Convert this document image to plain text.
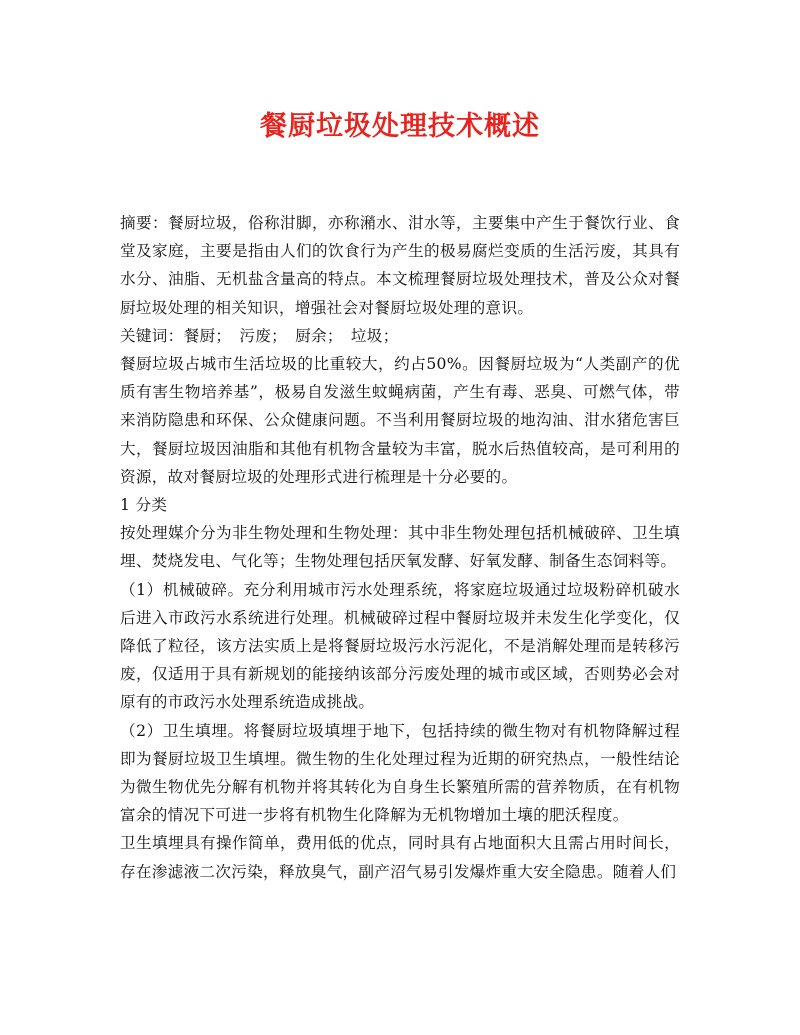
餐厨垃圾处理技术概述

摘要：餐厨垃圾，俗称泔脚，亦称潲水、泔水等，主要集中产生于餐饮行业、食堂及家庭，主要是指由人们的饮食行为产生的极易腐烂变质的生活污废，其具有水分、油脂、无机盐含量高的特点。本文梳理餐厨垃圾处理技术，普及公众对餐厨垃圾处理的相关知识，增强社会对餐厨垃圾处理的意识。

关键词：餐厨；　污废；　厨余；　垃圾；

餐厨垃圾占城市生活垃圾的比重较大，约占50%。因餐厨垃圾为“人类副产的优质有害生物培养基”，极易自发滋生蚊蝇病菌，产生有毒、恶臭、可燃气体，带来消防隐患和环保、公众健康问题。不当利用餐厨垃圾的地沟油、泔水猪危害巨大，餐厨垃圾因油脂和其他有机物含量较为丰富，脱水后热值较高，是可利用的资源，故对餐厨垃圾的处理形式进行梳理是十分必要的。

1 分类

按处理媒介分为非生物处理和生物处理：其中非生物处理包括机械破碎、卫生填埋、焚烧发电、气化等；生物处理包括厌氧发酵、好氧发酵、制备生态饲料等。

（1）机械破碎。充分利用城市污水处理系统，将家庭垃圾通过垃圾粉碎机破水后进入市政污水系统进行处理。机械破碎过程中餐厨垃圾并未发生化学变化，仅降低了粒径，该方法实质上是将餐厨垃圾污水污泥化，不是消解处理而是转移污废，仅适用于具有新规划的能接纳该部分污废处理的城市或区域，否则势必会对原有的市政污水处理系统造成挑战。

（2）卫生填埋。将餐厨垃圾填埋于地下，包括持续的微生物对有机物降解过程即为餐厨垃圾卫生填埋。微生物的生化处理过程为近期的研究热点，一般性结论为微生物优先分解有机物并将其转化为自身生长繁殖所需的营养物质，在有机物富余的情况下可进一步将有机物生化降解为无机物增加土壤的肥沃程度。

卫生填埋具有操作简单，费用低的优点，同时具有占地面积大且需占用时间长，存在渗滤液二次污染，释放臭气，副产沼气易引发爆炸重大安全隐患。随着人们
